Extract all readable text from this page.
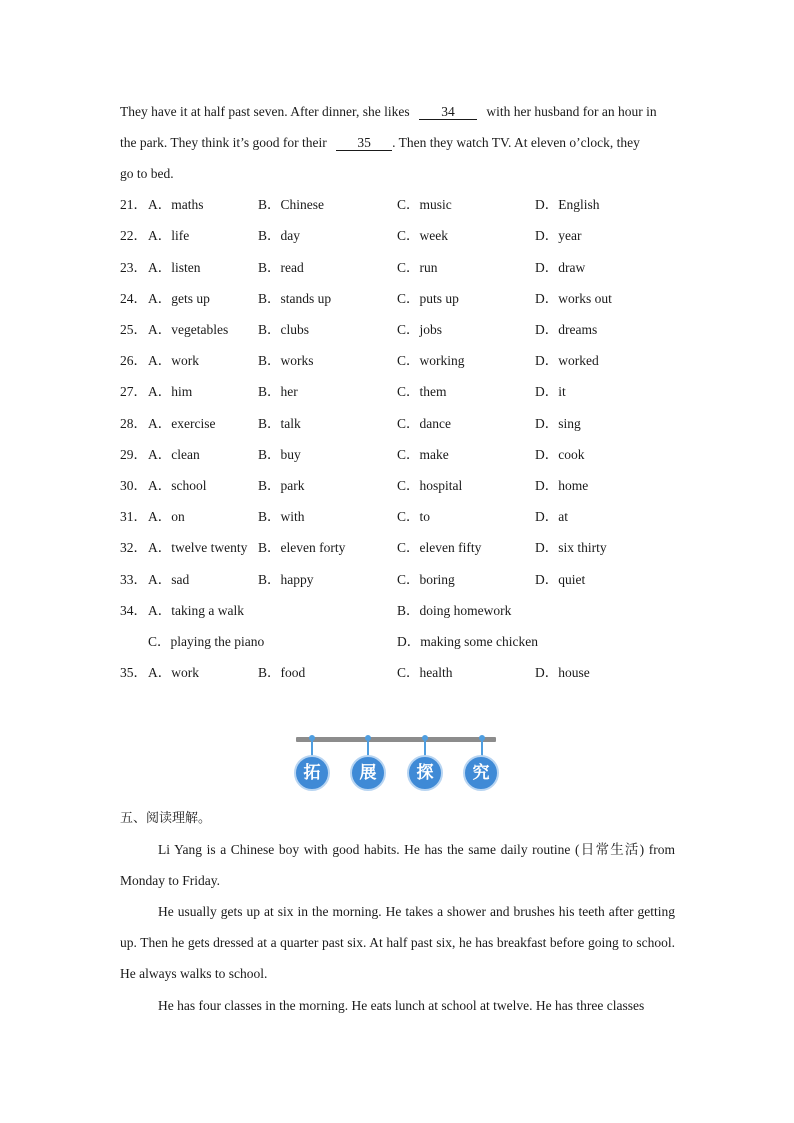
They have it at half past seven. After dinner, she likes 34 with her husband for an hour in
the park. They think it’s good for their 35 . Then they watch TV. At eleven o’clock, they
go to bed.
21． A．maths	B．Chinese	C．music	D．English
22． A．life	B．day	C．week	D．year
23． A．listen	B．read	C．run	D．draw
24． A．gets up	B．stands up	C．puts up	D．works out
25． A．vegetables B．clubs	C．jobs	D．dreams
26． A．work	B．works	C．working	D．worked
27． A．him	B．her	C．them	D．it
28． A．exercise	B．talk	C．dance	D．sing
29． A．clean	B．buy	C．make	D．cook
30． A．school	B．park	C．hospital	D．home
31． A．on	B．with	C．to	D．at
32． A．twelve twenty B．eleven forty	C．eleven fifty	D．six thirty
33． A．sad	B．happy	C．boring	D．quiet
34． A．taking a walk	B．doing homework
C．playing the piano	D．making some chicken
35． A．work	B．food	C．health	D．house
拓	展	探	究
五、阅读理解。
Li Yang is a Chinese boy with good habits. He has the same daily routine (日常生活) from Monday to Friday.
He usually gets up at six in the morning. He takes a shower and brushes his teeth after getting up. Then he gets dressed at a quarter past six. At half past six, he has breakfast before going to school. He always walks to school.
He has four classes in the morning. He eats lunch at school at twelve. He has three classes
